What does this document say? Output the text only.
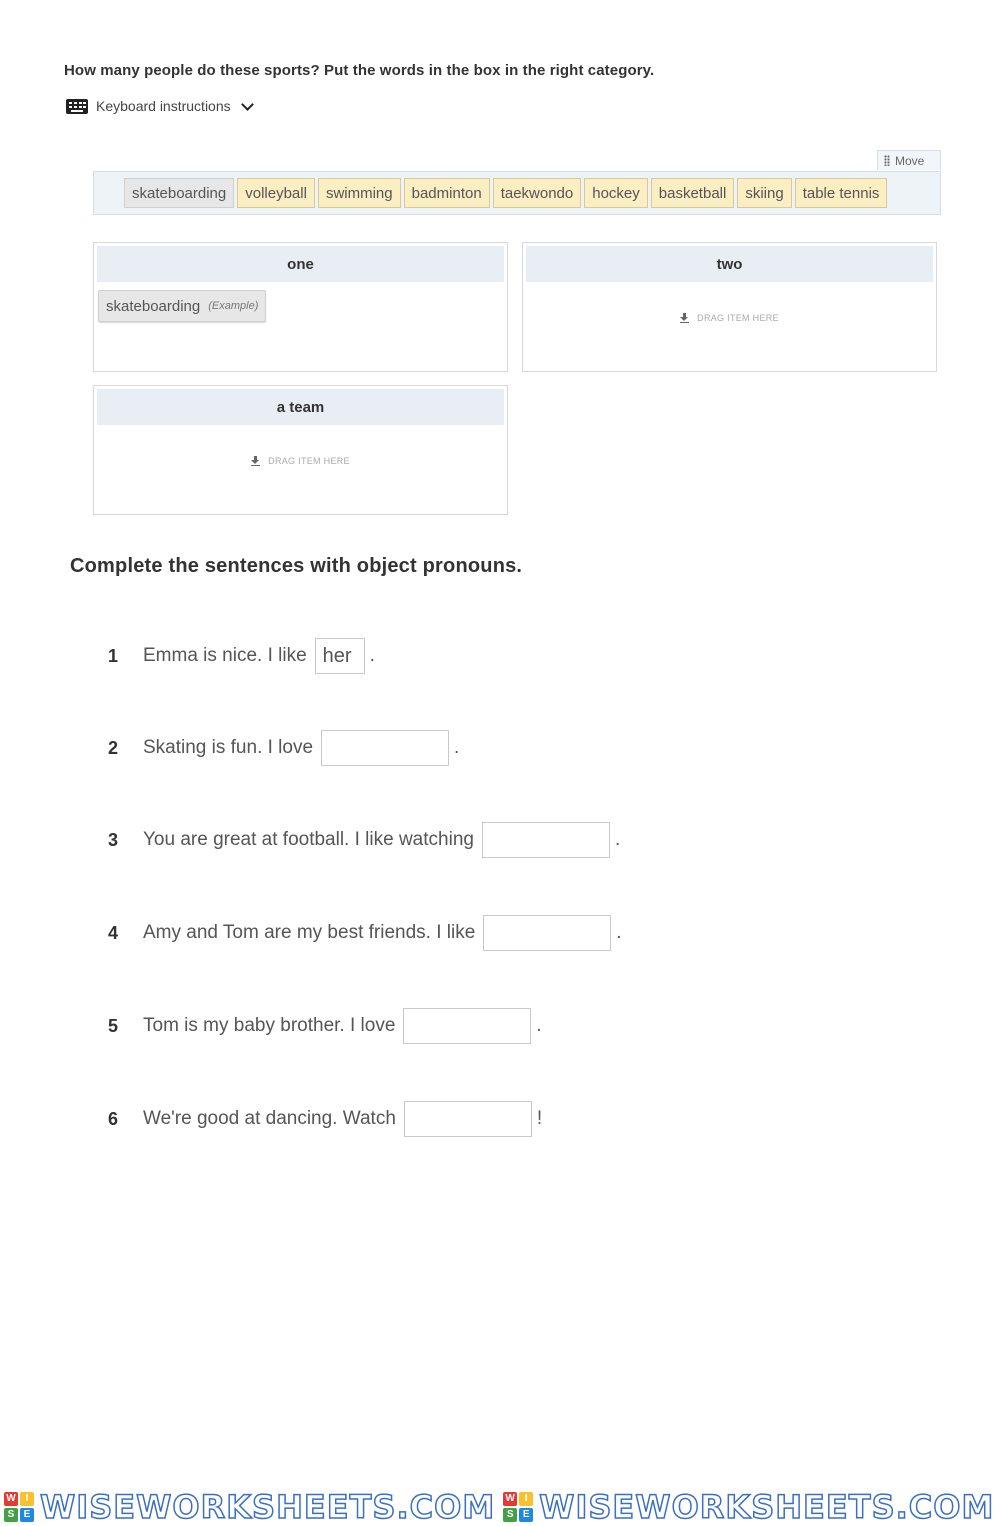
How many people do these sports? Put the words in the box in the right category.
Keyboard instructions
Move
skateboarding	volleyball	swimming	badminton	taekwondo	hockey	basketball	skiing	table tennis
one
skateboarding (Example)
two
DRAG ITEM HERE
a team
DRAG ITEM HERE
Complete the sentences with object pronouns.
1	Emma is nice. I like her .
2	Skating is fun. I love	.
3	You are great at football. I like watching	.
4	Amy and Tom are my best friends. I like	.
5	Tom is my baby brother. I love	.
6	We're good at dancing. Watch	!
W I
S E WISEWORKSHEETS.COM W I
S E WISEWORKSHEETS.COM
